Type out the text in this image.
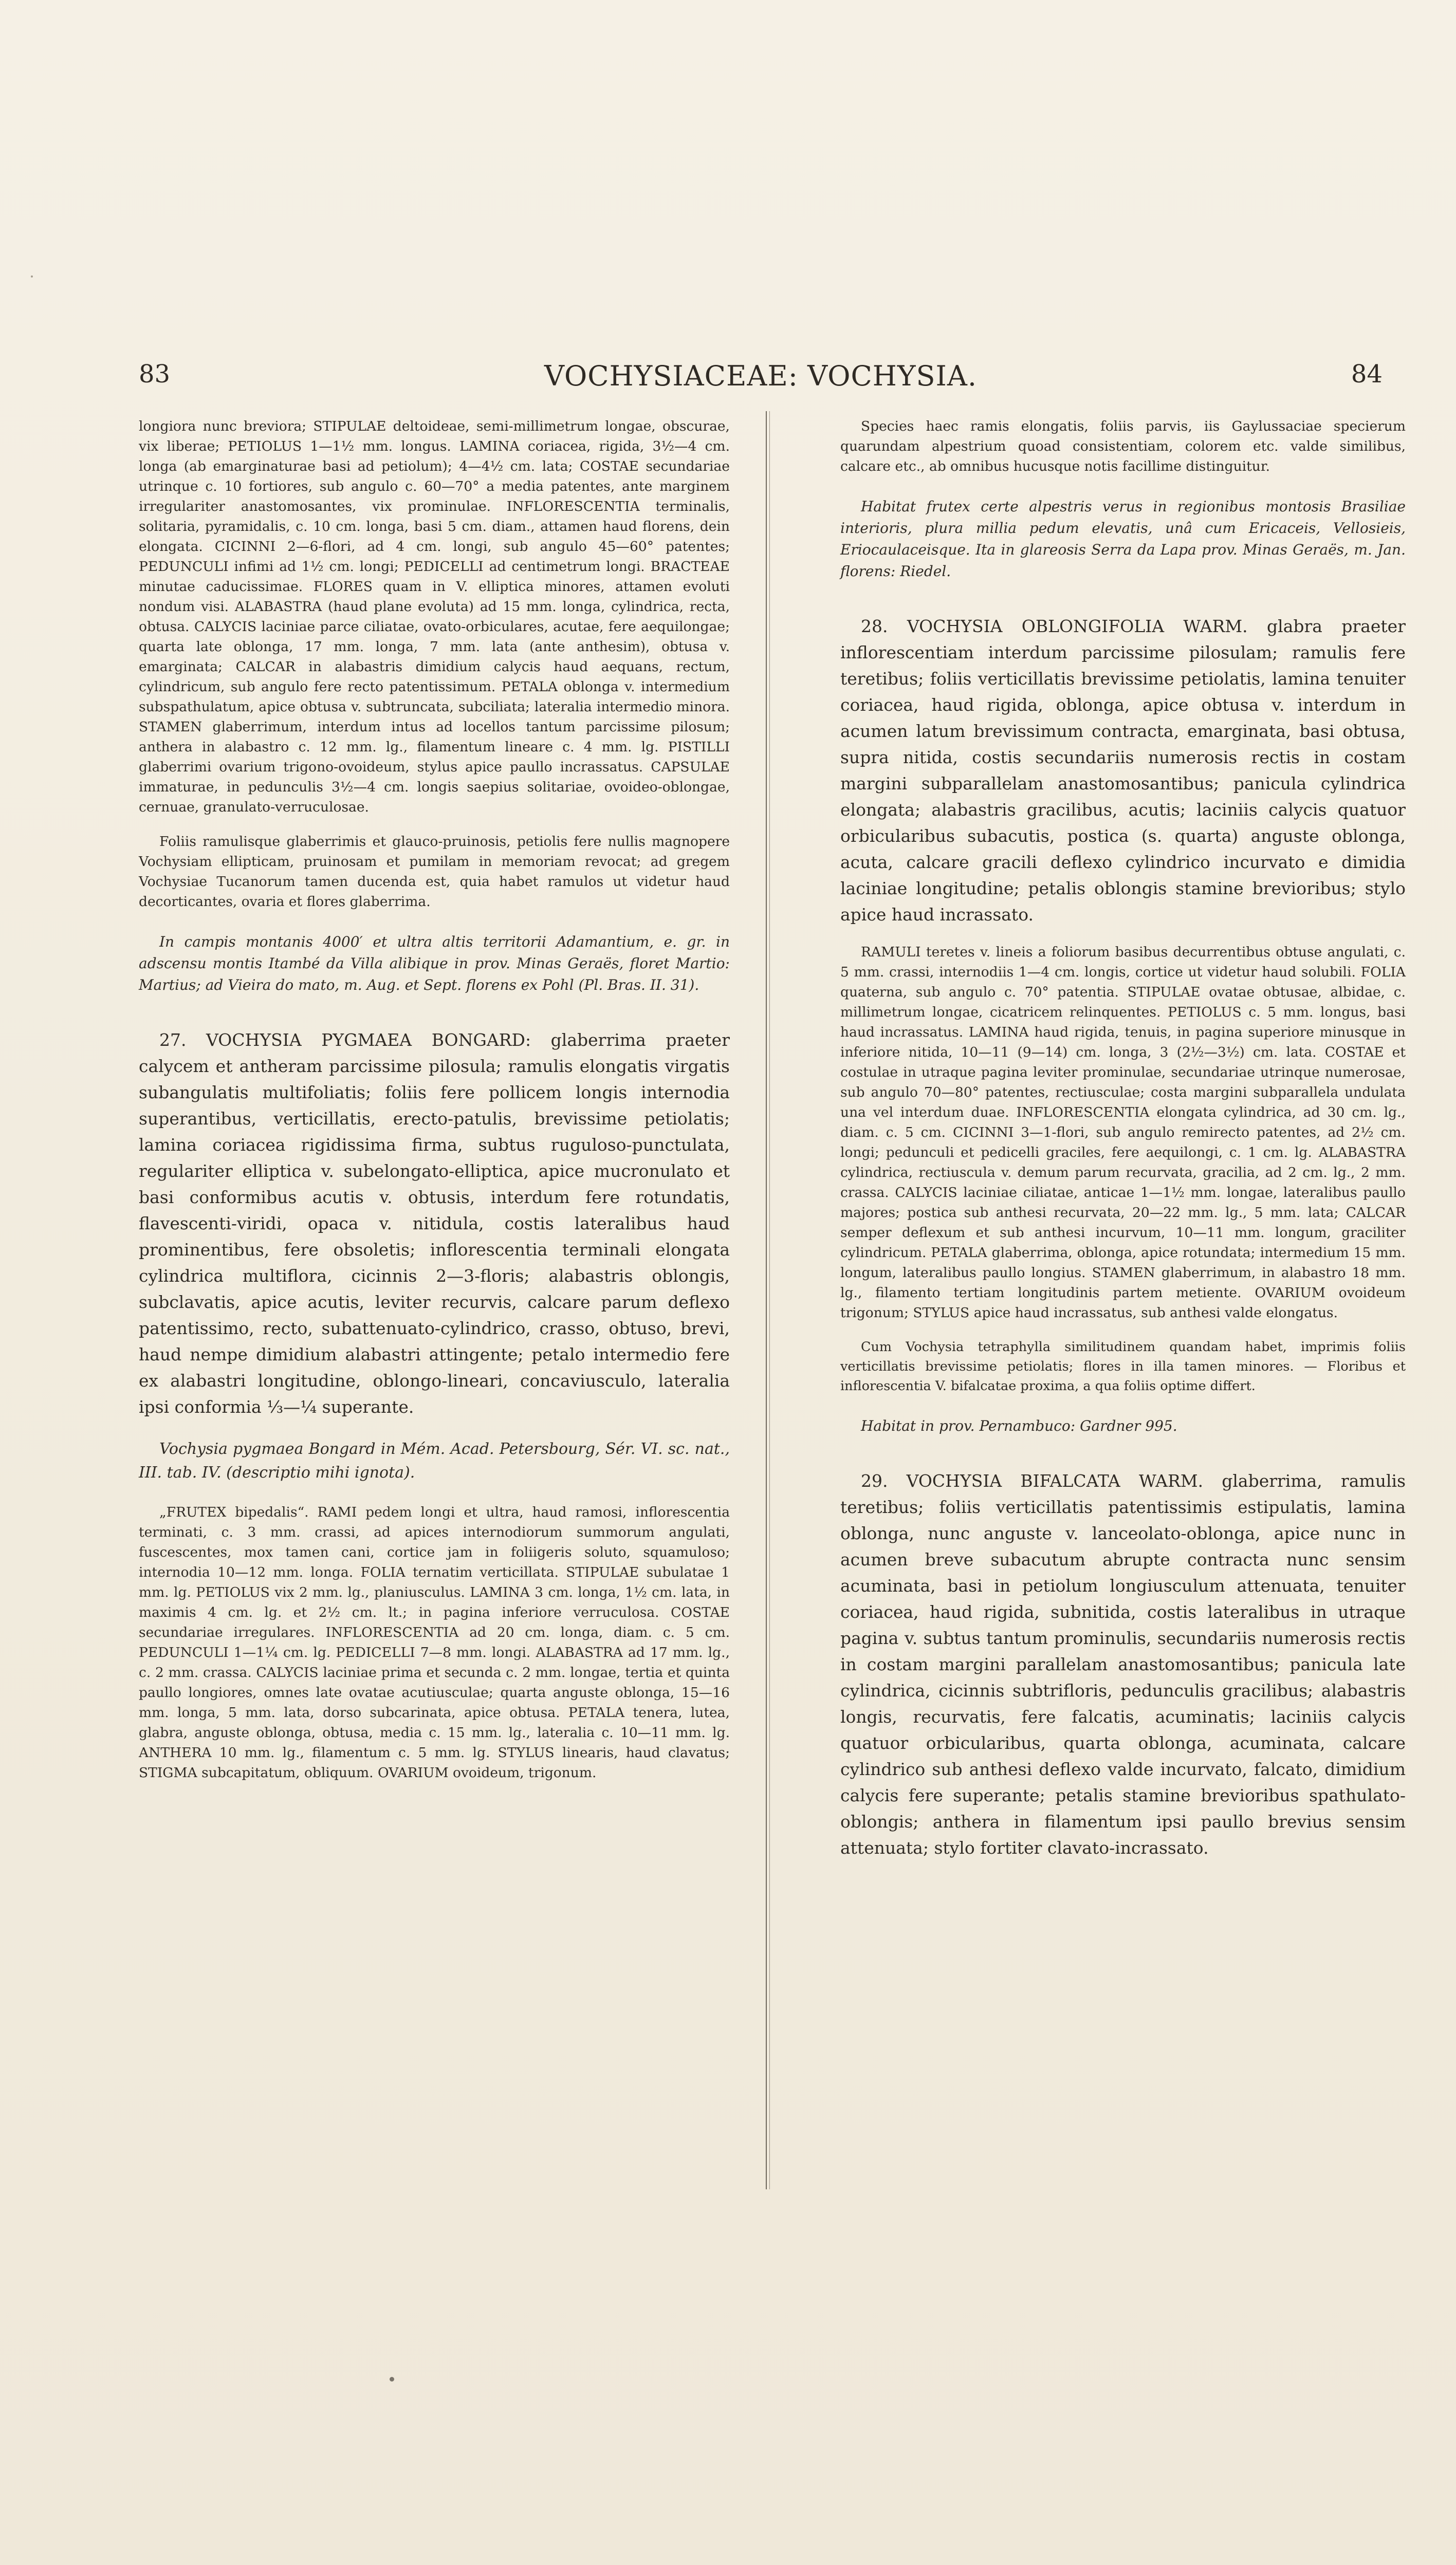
83	VOCHYSIACEAE: VOCHYSIA.	84

longiora nunc breviora; STIPULAE deltoideae, semi-millimetrum longae, obscurae, vix liberae; PETIOLUS 1—1½ mm. longus. LAMINA coriacea, rigida, 3½—4 cm. longa (ab emarginaturae basi ad petiolum); 4—4½ cm. lata; COSTAE secundariae utrinque c. 10 fortiores, sub angulo c. 60—70° a media patentes, ante marginem irregulariter anastomosantes, vix prominulae. INFLORESCENTIA terminalis, solitaria, pyramidalis, c. 10 cm. longa, basi 5 cm. diam., attamen haud florens, dein elongata. CICINNI 2—6-flori, ad 4 cm. longi, sub angulo 45—60° patentes; PEDUNCULI infimi ad 1½ cm. longi; PEDICELLI ad centimetrum longi. BRACTEAE minutae caducissimae. FLORES quam in V. elliptica minores, attamen evoluti nondum visi. ALABASTRA (haud plane evoluta) ad 15 mm. longa, cylindrica, recta, obtusa. CALYCIS laciniae parce ciliatae, ovato-orbiculares, acutae, fere aequilongae; quarta late oblonga, 17 mm. longa, 7 mm. lata (ante anthesim), obtusa v. emarginata; CALCAR in alabastris dimidium calycis haud aequans, rectum, cylindricum, sub angulo fere recto patentissimum. PETALA oblonga v. intermedium subspathulatum, apice obtusa v. subtruncata, subciliata; lateralia intermedio minora. STAMEN glaberrimum, interdum intus ad locellos tantum parcissime pilosum; anthera in alabastro c. 12 mm. lg., filamentum lineare c. 4 mm. lg. PISTILLI glaberrimi ovarium trigono-ovoideum, stylus apice paullo incrassatus. CAPSULAE immaturae, in pedunculis 3½—4 cm. longis saepius solitariae, ovoideo-oblongae, cernuae, granulato-verruculosae.

Foliis ramulisque glaberrimis et glauco-pruinosis, petiolis fere nullis magnopere Vochysiam ellipticam, pruinosam et pumilam in memoriam revocat; ad gregem Vochysiae Tucanorum tamen ducenda est, quia habet ramulos ut videtur haud decorticantes, ovaria et flores glaberrima.

In campis montanis 4000′ et ultra altis territorii Adamantium, e. gr. in adscensu montis Itambé da Villa alibique in prov. Minas Geraës, floret Martio: Martius; ad Vieira do mato, m. Aug. et Sept. florens ex Pohl (Pl. Bras. II. 31).

27. VOCHYSIA PYGMAEA BONGARD: glaberrima praeter calycem et antheram parcissime pilosula; ramulis elongatis virgatis subangulatis multifoliatis; foliis fere pollicem longis internodia superantibus, verticillatis, erecto-patulis, brevissime petiolatis; lamina coriacea rigidissima firma, subtus ruguloso-punctulata, regulariter elliptica v. subelongato-elliptica, apice mucronulato et basi conformibus acutis v. obtusis, interdum fere rotundatis, flavescenti-viridi, opaca v. nitidula, costis lateralibus haud prominentibus, fere obsoletis; inflorescentia terminali elongata cylindrica multiflora, cicinnis 2—3-floris; alabastris oblongis, subclavatis, apice acutis, leviter recurvis, calcare parum deflexo patentissimo, recto, subattenuato-cylindrico, crasso, obtuso, brevi, haud nempe dimidium alabastri attingente; petalo intermedio fere ex alabastri longitudine, oblongo-lineari, concaviusculo, lateralia ipsi conformia ⅓—¼ superante.

Vochysia pygmaea Bongard in Mém. Acad. Petersbourg, Sér. VI. sc. nat., III. tab. IV. (descriptio mihi ignota).

„FRUTEX bipedalis“. RAMI pedem longi et ultra, haud ramosi, inflorescentia terminati, c. 3 mm. crassi, ad apices internodiorum summorum angulati, fuscescentes, mox tamen cani, cortice jam in foliigeris soluto, squamuloso; internodia 10—12 mm. longa. FOLIA ternatim verticillata. STIPULAE subulatae 1 mm. lg. PETIOLUS vix 2 mm. lg., planiusculus. LAMINA 3 cm. longa, 1½ cm. lata, in maximis 4 cm. lg. et 2½ cm. lt.; in pagina inferiore verruculosa. COSTAE secundariae irregulares. INFLORESCENTIA ad 20 cm. longa, diam. c. 5 cm. PEDUNCULI 1—1¼ cm. lg. PEDICELLI 7—8 mm. longi. ALABASTRA ad 17 mm. lg., c. 2 mm. crassa. CALYCIS laciniae prima et secunda c. 2 mm. longae, tertia et quinta paullo longiores, omnes late ovatae acutiusculae; quarta anguste oblonga, 15—16 mm. longa, 5 mm. lata, dorso subcarinata, apice obtusa. PETALA tenera, lutea, glabra, anguste oblonga, obtusa, media c. 15 mm. lg., lateralia c. 10—11 mm. lg. ANTHERA 10 mm. lg., filamentum c. 5 mm. lg. STYLUS linearis, haud clavatus; STIGMA subcapitatum, obliquum. OVARIUM ovoideum, trigonum.

Species haec ramis elongatis, foliis parvis, iis Gaylussaciae specierum quarundam alpestrium quoad consistentiam, colorem etc. valde similibus, calcare etc., ab omnibus hucusque notis facillime distinguitur.

Habitat frutex certe alpestris verus in regionibus montosis Brasiliae interioris, plura millia pedum elevatis, unâ cum Ericaceis, Vellosieis, Eriocaulaceisque. Ita in glareosis Serra da Lapa prov. Minas Geraës, m. Jan. florens: Riedel.

28. VOCHYSIA OBLONGIFOLIA WARM. glabra praeter inflorescentiam interdum parcissime pilosulam; ramulis fere teretibus; foliis verticillatis brevissime petiolatis, lamina tenuiter coriacea, haud rigida, oblonga, apice obtusa v. interdum in acumen latum brevissimum contracta, emarginata, basi obtusa, supra nitida, costis secundariis numerosis rectis in costam margini subparallelam anastomosantibus; panicula cylindrica elongata; alabastris gracilibus, acutis; laciniis calycis quatuor orbicularibus subacutis, postica (s. quarta) anguste oblonga, acuta, calcare gracili deflexo cylindrico incurvato e dimidia laciniae longitudine; petalis oblongis stamine brevioribus; stylo apice haud incrassato.

RAMULI teretes v. lineis a foliorum basibus decurrentibus obtuse angulati, c. 5 mm. crassi, internodiis 1—4 cm. longis, cortice ut videtur haud solubili. FOLIA quaterna, sub angulo c. 70° patentia. STIPULAE ovatae obtusae, albidae, c. millimetrum longae, cicatricem relinquentes. PETIOLUS c. 5 mm. longus, basi haud incrassatus. LAMINA haud rigida, tenuis, in pagina superiore minusque in inferiore nitida, 10—11 (9—14) cm. longa, 3 (2½—3½) cm. lata. COSTAE et costulae in utraque pagina leviter prominulae, secundariae utrinque numerosae, sub angulo 70—80° patentes, rectiusculae; costa margini subparallela undulata una vel interdum duae. INFLORESCENTIA elongata cylindrica, ad 30 cm. lg., diam. c. 5 cm. CICINNI 3—1-flori, sub angulo remirecto patentes, ad 2½ cm. longi; pedunculi et pedicelli graciles, fere aequilongi, c. 1 cm. lg. ALABASTRA cylindrica, rectiuscula v. demum parum recurvata, gracilia, ad 2 cm. lg., 2 mm. crassa. CALYCIS laciniae ciliatae, anticae 1—1½ mm. longae, lateralibus paullo majores; postica sub anthesi recurvata, 20—22 mm. lg., 5 mm. lata; CALCAR semper deflexum et sub anthesi incurvum, 10—11 mm. longum, graciliter cylindricum. PETALA glaberrima, oblonga, apice rotundata; intermedium 15 mm. longum, lateralibus paullo longius. STAMEN glaberrimum, in alabastro 18 mm. lg., filamento tertiam longitudinis partem metiente. OVARIUM ovoideum trigonum; STYLUS apice haud incrassatus, sub anthesi valde elongatus.

Cum Vochysia tetraphylla similitudinem quandam habet, imprimis foliis verticillatis brevissime petiolatis; flores in illa tamen minores. — Floribus et inflorescentia V. bifalcatae proxima, a qua foliis optime differt.

Habitat in prov. Pernambuco: Gardner 995.

29. VOCHYSIA BIFALCATA WARM. glaberrima, ramulis teretibus; foliis verticillatis patentissimis estipulatis, lamina oblonga, nunc anguste v. lanceolato-oblonga, apice nunc in acumen breve subacutum abrupte contracta nunc sensim acuminata, basi in petiolum longiusculum attenuata, tenuiter coriacea, haud rigida, subnitida, costis lateralibus in utraque pagina v. subtus tantum prominulis, secundariis numerosis rectis in costam margini parallelam anastomosantibus; panicula late cylindrica, cicinnis subtrifloris, pedunculis gracilibus; alabastris longis, recurvatis, fere falcatis, acuminatis; laciniis calycis quatuor orbicularibus, quarta oblonga, acuminata, calcare cylindrico sub anthesi deflexo valde incurvato, falcato, dimidium calycis fere superante; petalis stamine brevioribus spathulato-oblongis; anthera in filamentum ipsi paullo brevius sensim attenuata; stylo fortiter clavato-incrassato.
